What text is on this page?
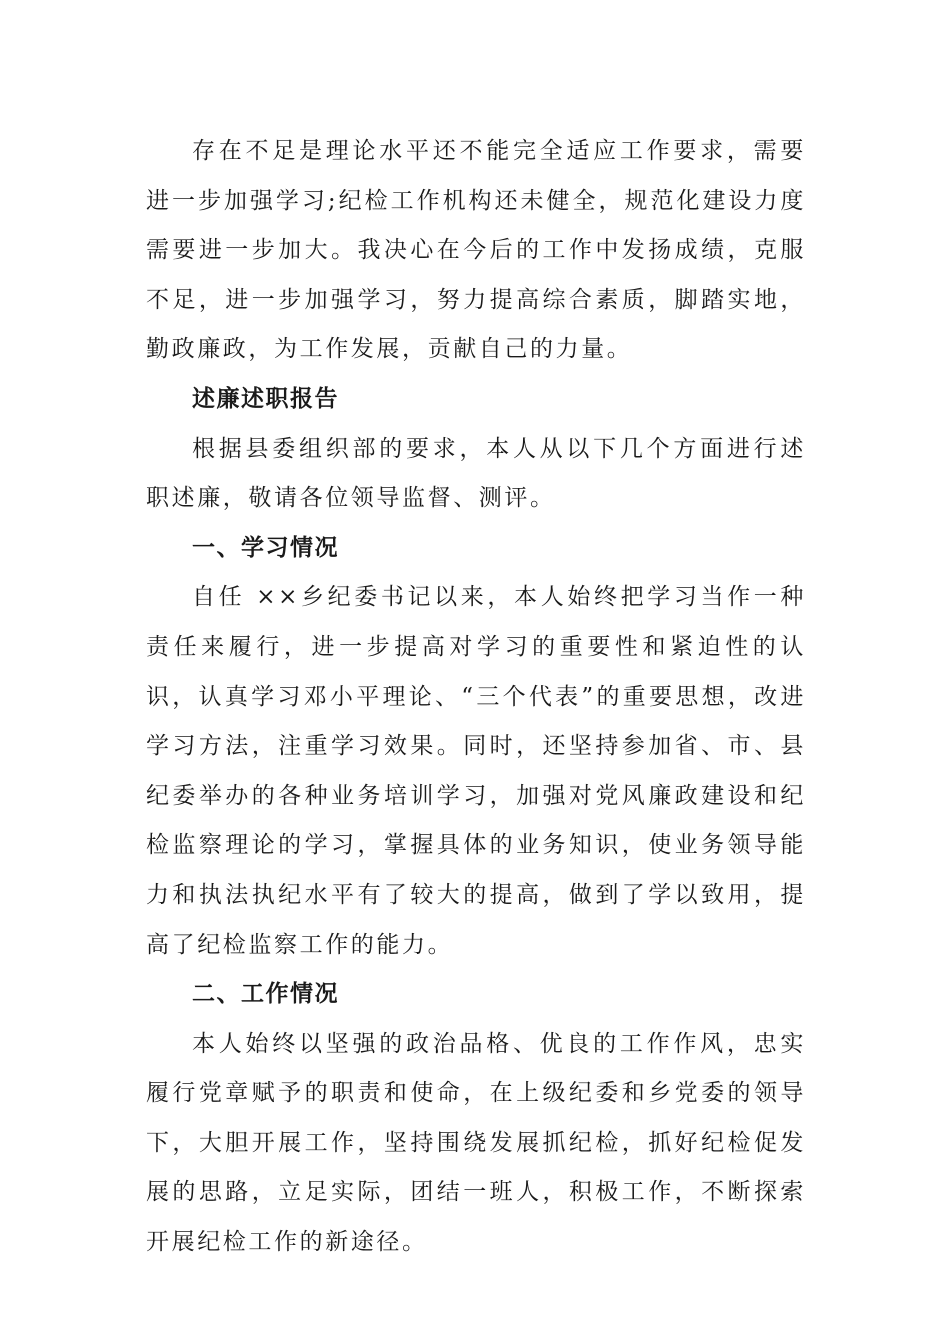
存在不足是理论水平还不能完全适应工作要求，需要进一步加强学习;纪检工作机构还未健全，规范化建设力度需要进一步加大。我决心在今后的工作中发扬成绩，克服不足，进一步加强学习，努力提高综合素质，脚踏实地，勤政廉政，为工作发展，贡献自己的力量。

述廉述职报告

根据县委组织部的要求，本人从以下几个方面进行述职述廉，敬请各位领导监督、测评。

一、学习情况

自任 ××乡纪委书记以来，本人始终把学习当作一种责任来履行，进一步提高对学习的重要性和紧迫性的认识，认真学习邓小平理论、“三个代表”的重要思想，改进学习方法，注重学习效果。同时，还坚持参加省、市、县纪委举办的各种业务培训学习，加强对党风廉政建设和纪检监察理论的学习，掌握具体的业务知识，使业务领导能力和执法执纪水平有了较大的提高，做到了学以致用，提高了纪检监察工作的能力。

二、工作情况

本人始终以坚强的政治品格、优良的工作作风，忠实履行党章赋予的职责和使命，在上级纪委和乡党委的领导下，大胆开展工作，坚持围绕发展抓纪检，抓好纪检促发展的思路，立足实际，团结一班人，积极工作，不断探索开展纪检工作的新途径。
